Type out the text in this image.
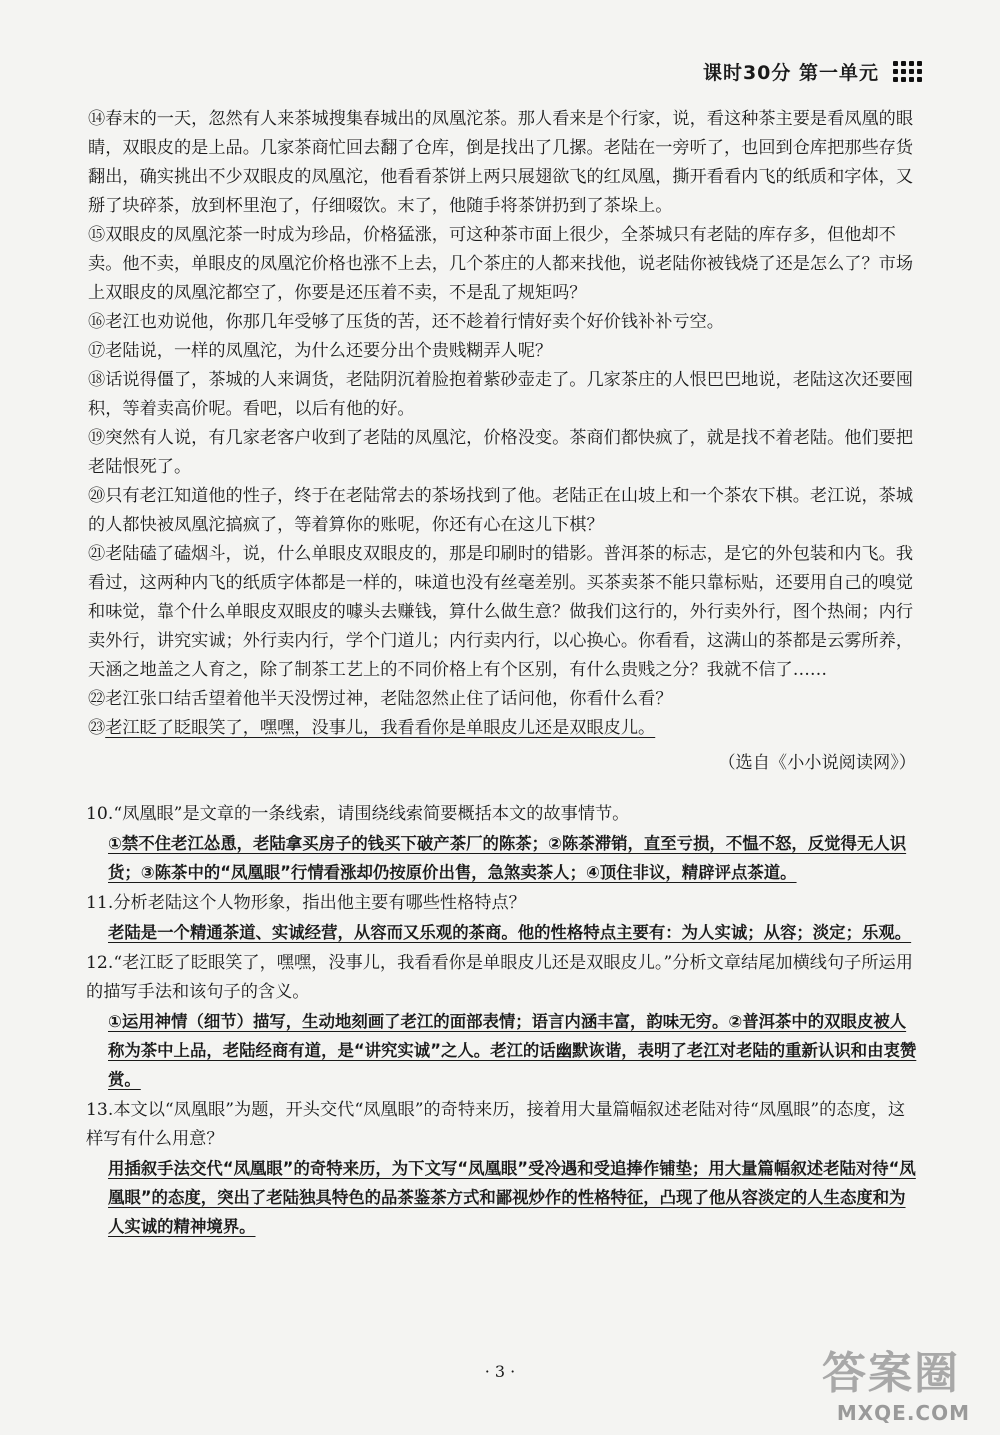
课时30分 第一单元

⑭春末的一天，忽然有人来茶城搜集春城出的凤凰沱茶。那人看来是个行家，说，看这种茶主要是看凤凰的眼睛，双眼皮的是上品。几家茶商忙回去翻了仓库，倒是找出了几摞。老陆在一旁听了，也回到仓库把那些存货翻出，确实挑出不少双眼皮的凤凰沱，他看看茶饼上两只展翅欲飞的红凤凰，撕开看看内飞的纸质和字体，又掰了块碎茶，放到杯里泡了，仔细啜饮。末了，他随手将茶饼扔到了茶垛上。

⑮双眼皮的凤凰沱茶一时成为珍品，价格猛涨，可这种茶市面上很少，全茶城只有老陆的库存多，但他却不卖。他不卖，单眼皮的凤凰沱价格也涨不上去，几个茶庄的人都来找他，说老陆你被钱烧了还是怎么了？市场上双眼皮的凤凰沱都空了，你要是还压着不卖，不是乱了规矩吗？

⑯老江也劝说他，你那几年受够了压货的苦，还不趁着行情好卖个好价钱补补亏空。

⑰老陆说，一样的凤凰沱，为什么还要分出个贵贱糊弄人呢？

⑱话说得僵了，茶城的人来调货，老陆阴沉着脸抱着紫砂壶走了。几家茶庄的人恨巴巴地说，老陆这次还要囤积，等着卖高价呢。看吧，以后有他的好。

⑲突然有人说，有几家老客户收到了老陆的凤凰沱，价格没变。茶商们都快疯了，就是找不着老陆。他们要把老陆恨死了。

⑳只有老江知道他的性子，终于在老陆常去的茶场找到了他。老陆正在山坡上和一个茶农下棋。老江说，茶城的人都快被凤凰沱搞疯了，等着算你的账呢，你还有心在这儿下棋？

㉑老陆磕了磕烟斗，说，什么单眼皮双眼皮的，那是印刷时的错影。普洱茶的标志，是它的外包装和内飞。我看过，这两种内飞的纸质字体都是一样的，味道也没有丝毫差别。买茶卖茶不能只靠标贴，还要用自己的嗅觉和味觉，靠个什么单眼皮双眼皮的噱头去赚钱，算什么做生意？做我们这行的，外行卖外行，图个热闹；内行卖外行，讲究实诚；外行卖内行，学个门道儿；内行卖内行，以心换心。你看看，这满山的茶都是云雾所养，天涵之地盖之人育之，除了制茶工艺上的不同价格上有个区别，有什么贵贱之分？我就不信了……

㉒老江张口结舌望着他半天没愣过神，老陆忽然止住了话问他，你看什么看？

㉓老江眨了眨眼笑了，嘿嘿，没事儿，我看看你是单眼皮儿还是双眼皮儿。

（选自《小小说阅读网》）

10.“凤凰眼”是文章的一条线索，请围绕线索简要概括本文的故事情节。

①禁不住老江怂恿，老陆拿买房子的钱买下破产茶厂的陈茶；②陈茶滞销，直至亏损，不愠不怒，反觉得无人识货；③陈茶中的“凤凰眼”行情看涨却仍按原价出售，急煞卖茶人；④顶住非议，精辟评点茶道。

11.分析老陆这个人物形象，指出他主要有哪些性格特点？

老陆是一个精通茶道、实诚经营，从容而又乐观的茶商。他的性格特点主要有：为人实诚；从容；淡定；乐观。

12.“老江眨了眨眼笑了，嘿嘿，没事儿，我看看你是单眼皮儿还是双眼皮儿。”分析文章结尾加横线句子所运用的描写手法和该句子的含义。

①运用神情（细节）描写，生动地刻画了老江的面部表情；语言内涵丰富，韵味无穷。②普洱茶中的双眼皮被人称为茶中上品，老陆经商有道，是“讲究实诚”之人。老江的话幽默诙谐，表明了老江对老陆的重新认识和由衷赞赏。

13.本文以“凤凰眼”为题，开头交代“凤凰眼”的奇特来历，接着用大量篇幅叙述老陆对待“凤凰眼”的态度，这样写有什么用意？

用插叙手法交代“凤凰眼”的奇特来历，为下文写“凤凰眼”受冷遇和受追捧作铺垫；用大量篇幅叙述老陆对待“凤凰眼”的态度，突出了老陆独具特色的品茶鉴茶方式和鄙视炒作的性格特征，凸现了他从容淡定的人生态度和为人实诚的精神境界。

· 3 ·	答案圈
MXQE.COM
